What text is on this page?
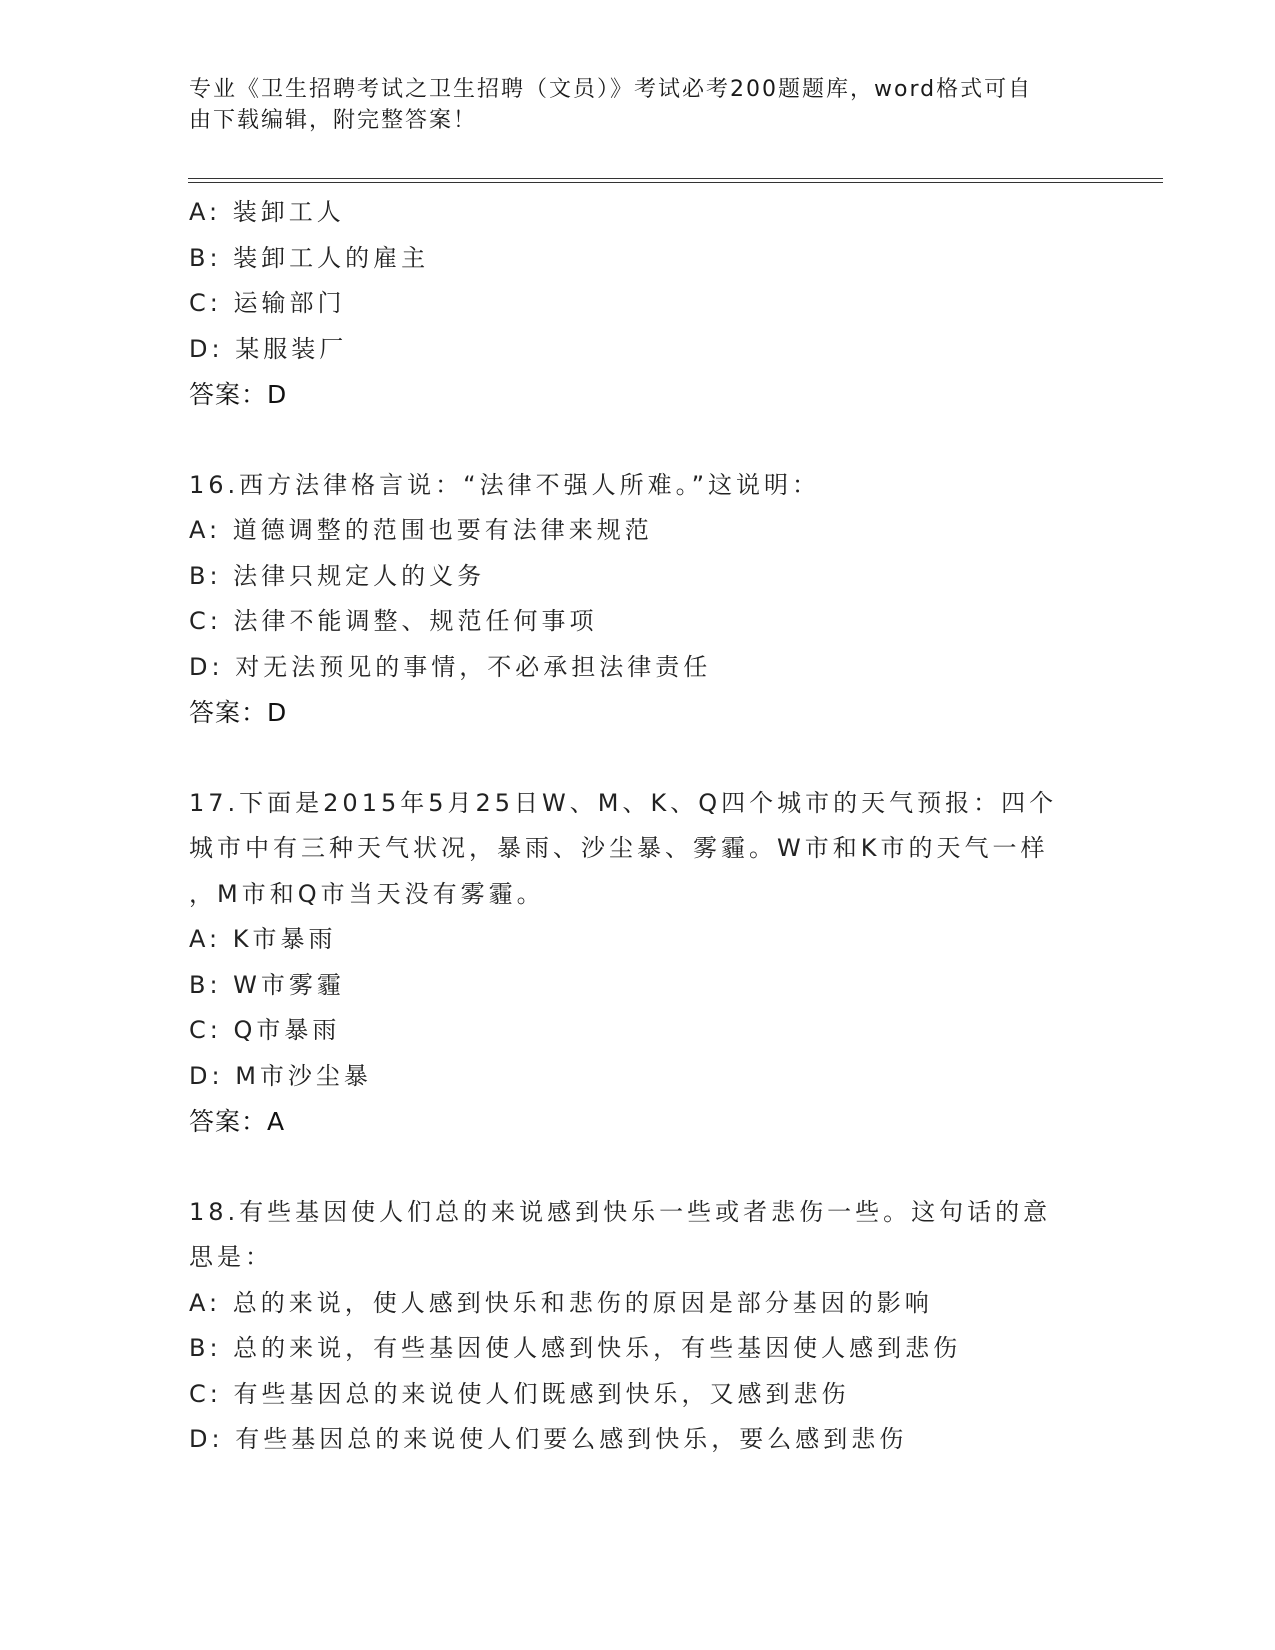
专业《卫生招聘考试之卫生招聘（文员）》考试必考200题题库，word格式可自
由下载编辑，附完整答案！
A: 装卸工人
B: 装卸工人的雇主
C: 运输部门
D: 某服装厂
答案：D
16.西方法律格言说：“法律不强人所难。”这说明：
A: 道德调整的范围也要有法律来规范
B: 法律只规定人的义务
C: 法律不能调整、规范任何事项
D: 对无法预见的事情，不必承担法律责任
答案：D
17.下面是2015年5月25日W、M、K、Q四个城市的天气预报：四个
城市中有三种天气状况，暴雨、沙尘暴、雾霾。W市和K市的天气一样
，M市和Q市当天没有雾霾。
A: K市暴雨
B: W市雾霾
C: Q市暴雨
D: M市沙尘暴
答案：A
18.有些基因使人们总的来说感到快乐一些或者悲伤一些。这句话的意
思是：
A: 总的来说，使人感到快乐和悲伤的原因是部分基因的影响
B: 总的来说，有些基因使人感到快乐，有些基因使人感到悲伤
C: 有些基因总的来说使人们既感到快乐，又感到悲伤
D: 有些基因总的来说使人们要么感到快乐，要么感到悲伤
